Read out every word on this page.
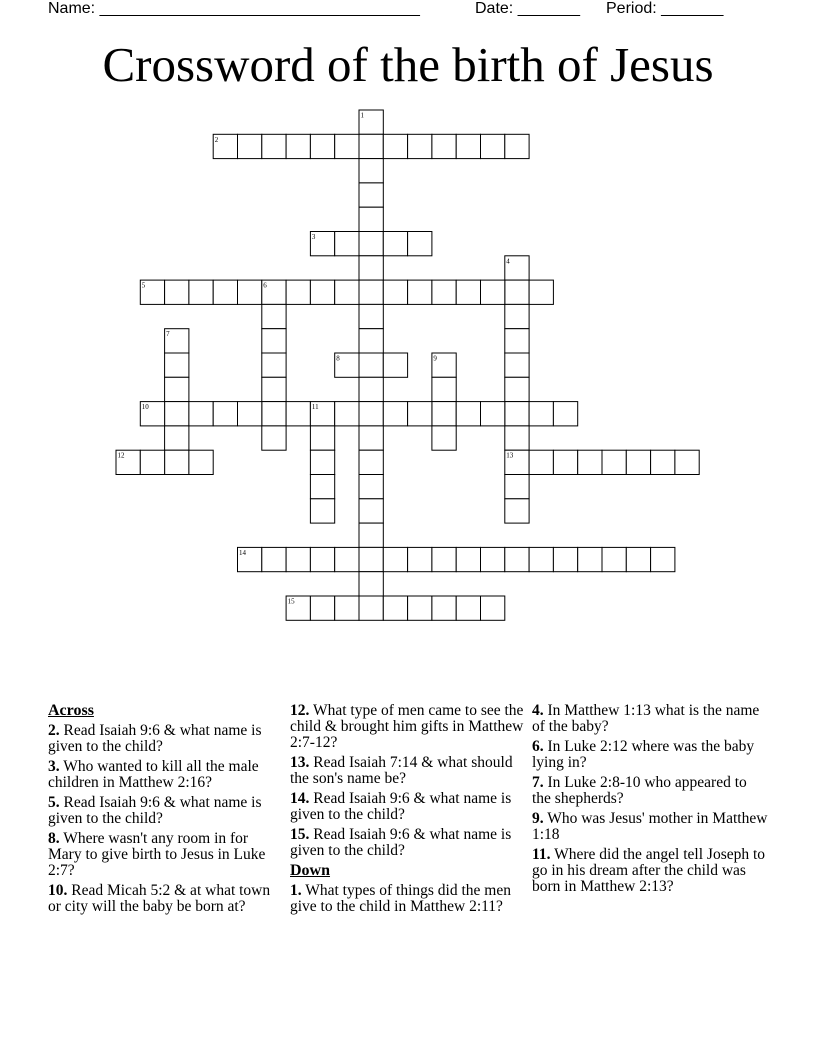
Name: ____________________________________	Date: _______ Period: _______
Crossword of the birth of Jesus
1
2
3
4
5	6
7
8	9
10	11
12	13
14
15
Across
2. Read Isaiah 9:6 & what name is given to the child?
3. Who wanted to kill all the male children in Matthew 2:16?
5. Read Isaiah 9:6 & what name is given to the child?
8. Where wasn't any room in for Mary to give birth to Jesus in Luke 2:7?
10. Read Micah 5:2 & at what town or city will the baby be born at?
12. What type of men came to see the child & brought him gifts in Matthew 2:7-12?
13. Read Isaiah 7:14 & what should the son's name be?
14. Read Isaiah 9:6 & what name is given to the child?
15. Read Isaiah 9:6 & what name is given to the child?
Down
1. What types of things did the men give to the child in Matthew 2:11?
4. In Matthew 1:13 what is the name of the baby?
6. In Luke 2:12 where was the baby lying in?
7. In Luke 2:8-10 who appeared to the shepherds?
9. Who was Jesus' mother in Matthew 1:18
11. Where did the angel tell Joseph to go in his dream after the child was born in Matthew 2:13?
